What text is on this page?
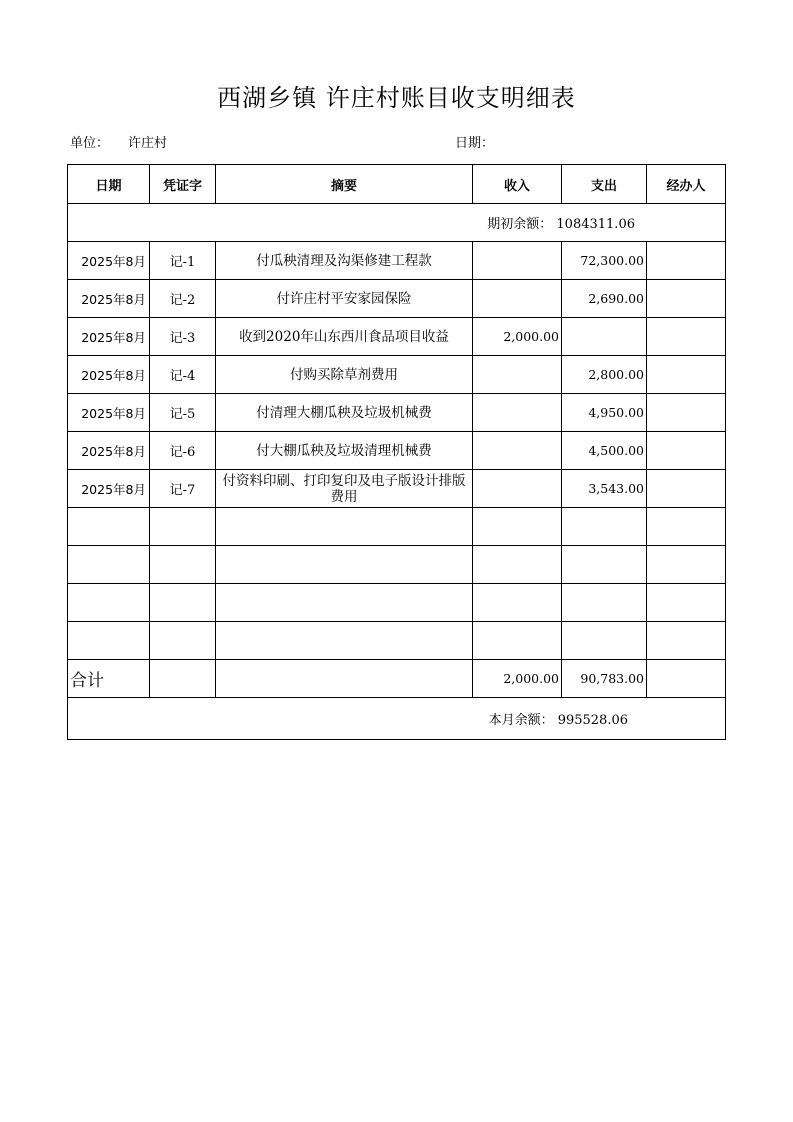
西湖乡镇 许庄村账目收支明细表
单位： 许庄村	日期：
日期	凭证字	摘要	收入	支出	经办人
期初余额： 1084311.06					
2025年8月	记-1	付瓜秧清理及沟渠修建工程款		72,300.00	
2025年8月	记-2	付许庄村平安家园保险		2,690.00	
2025年8月	记-3	收到2020年山东西川食品项目收益	2,000.00		
2025年8月	记-4	付购买除草剂费用		2,800.00	
2025年8月	记-5	付清理大棚瓜秧及垃圾机械费		4,950.00	
2025年8月	记-6	付大棚瓜秧及垃圾清理机械费		4,500.00	
2025年8月	记-7	付资料印刷、打印复印及电子版设计排版费用		3,543.00	

合计			2,000.00	90,783.00	
本月余额： 995528.06					
